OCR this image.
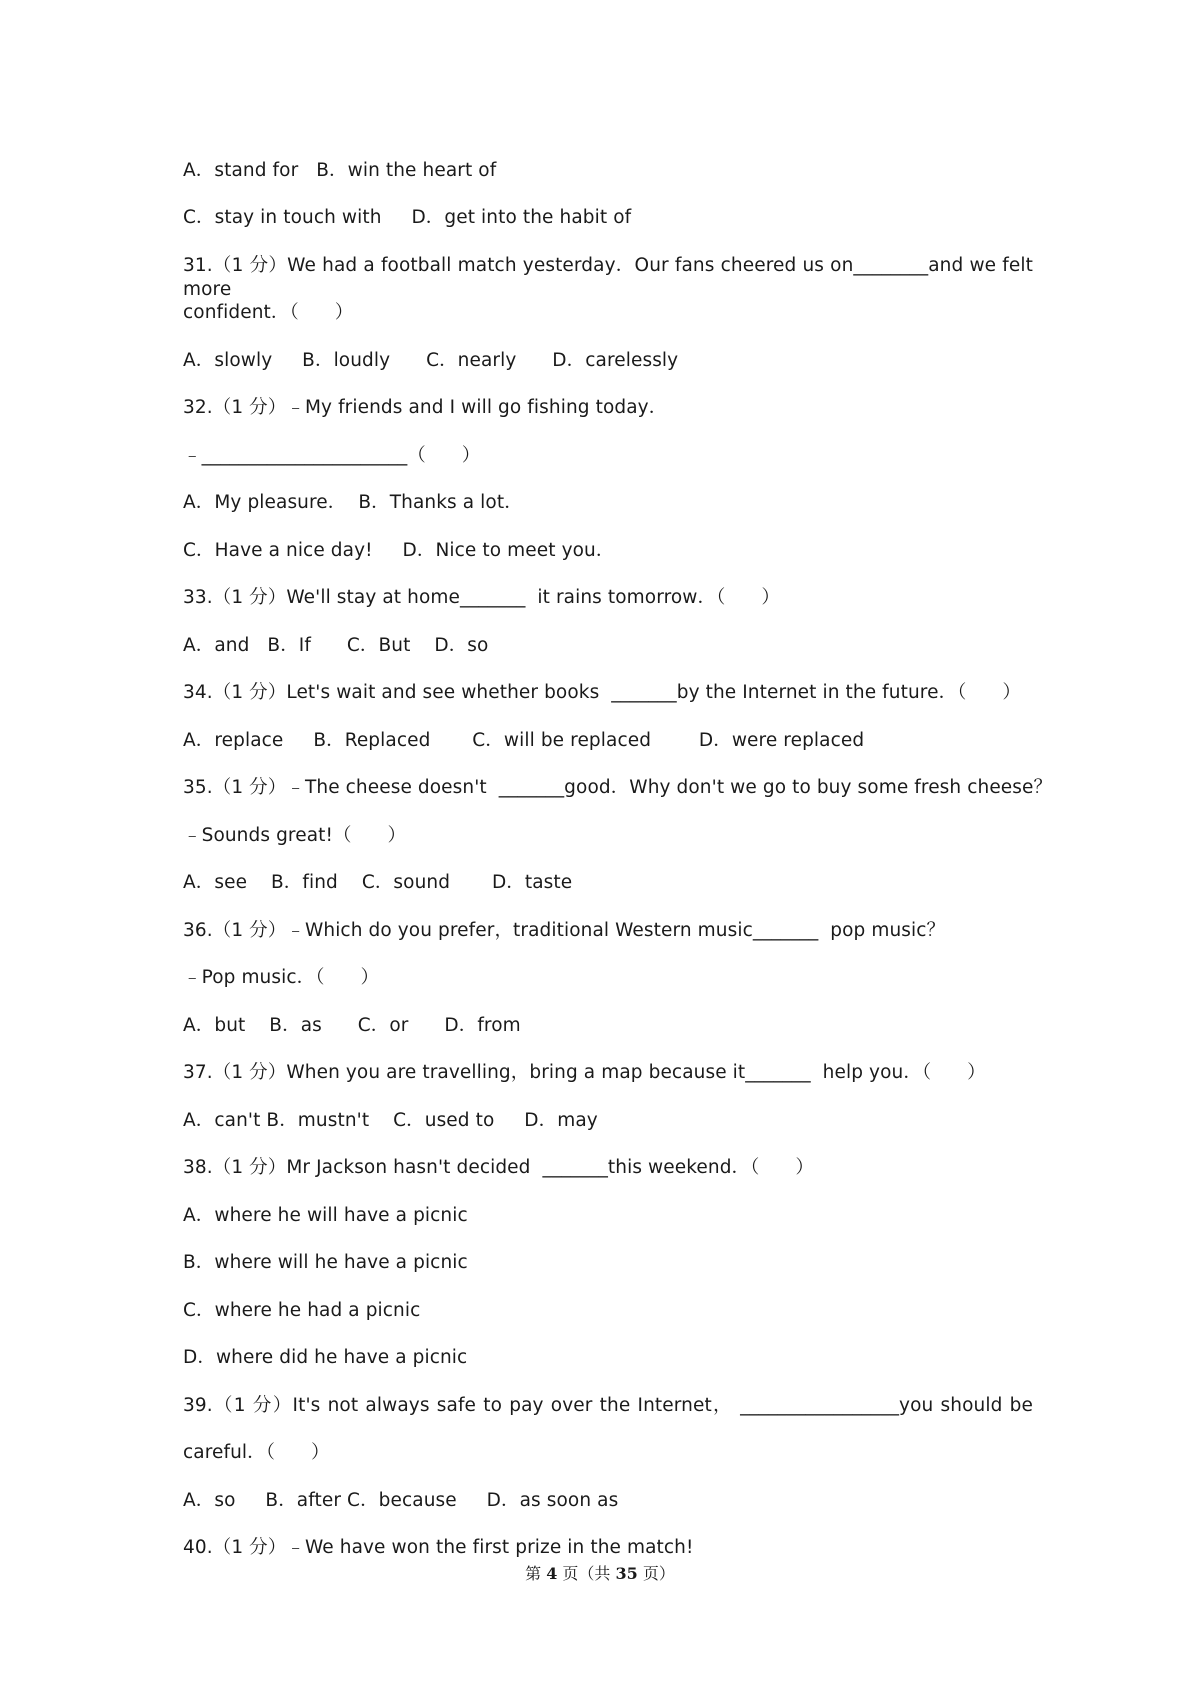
A．stand for   B．win the heart of
C．stay in touch with     D．get into the habit of
31.（1 分）We had a football match yesterday．Our fans cheered us on________and we felt more
confident．（      ）
A．slowly     B．loudly      C．nearly      D．carelessly
32.（1 分）﹣My friends and I will go fishing today．
﹣______________________（      ）
A．My pleasure．  B．Thanks a lot．
C．Have a nice day!     D．Nice to meet you．
33.（1 分）We'll stay at home_______  it rains tomorrow．（      ）
A．and   B．If      C．But    D．so
34.（1 分）Let's wait and see whether books  _______by the Internet in the future．（      ）
A．replace     B．Replaced       C．will be replaced        D．were replaced
35.（1 分）﹣The cheese doesn't  _______good．Why don't we go to buy some fresh cheese？
﹣Sounds great!（      ）
A．see    B．find    C．sound       D．taste
36.（1 分）﹣Which do you prefer，traditional Western music_______  pop music？
﹣Pop music．（      ）
A．but    B．as      C．or      D．from
37.（1 分）When you are travelling，bring a map because it_______  help you．（      ）
A．can't B．mustn't    C．used to     D．may
38.（1 分）Mr Jackson hasn't decided  _______this weekend．（      ）
A．where he will have a picnic
B．where will he have a picnic
C．where he had a picnic
D．where did he have a picnic
39.（1 分）It's not always safe to pay over the Internet， _________________you should be
careful．（      ）
A．so     B．after C．because     D．as soon as
40.（1 分）﹣We have won the first prize in the match!
第 4 页（共 35 页）
